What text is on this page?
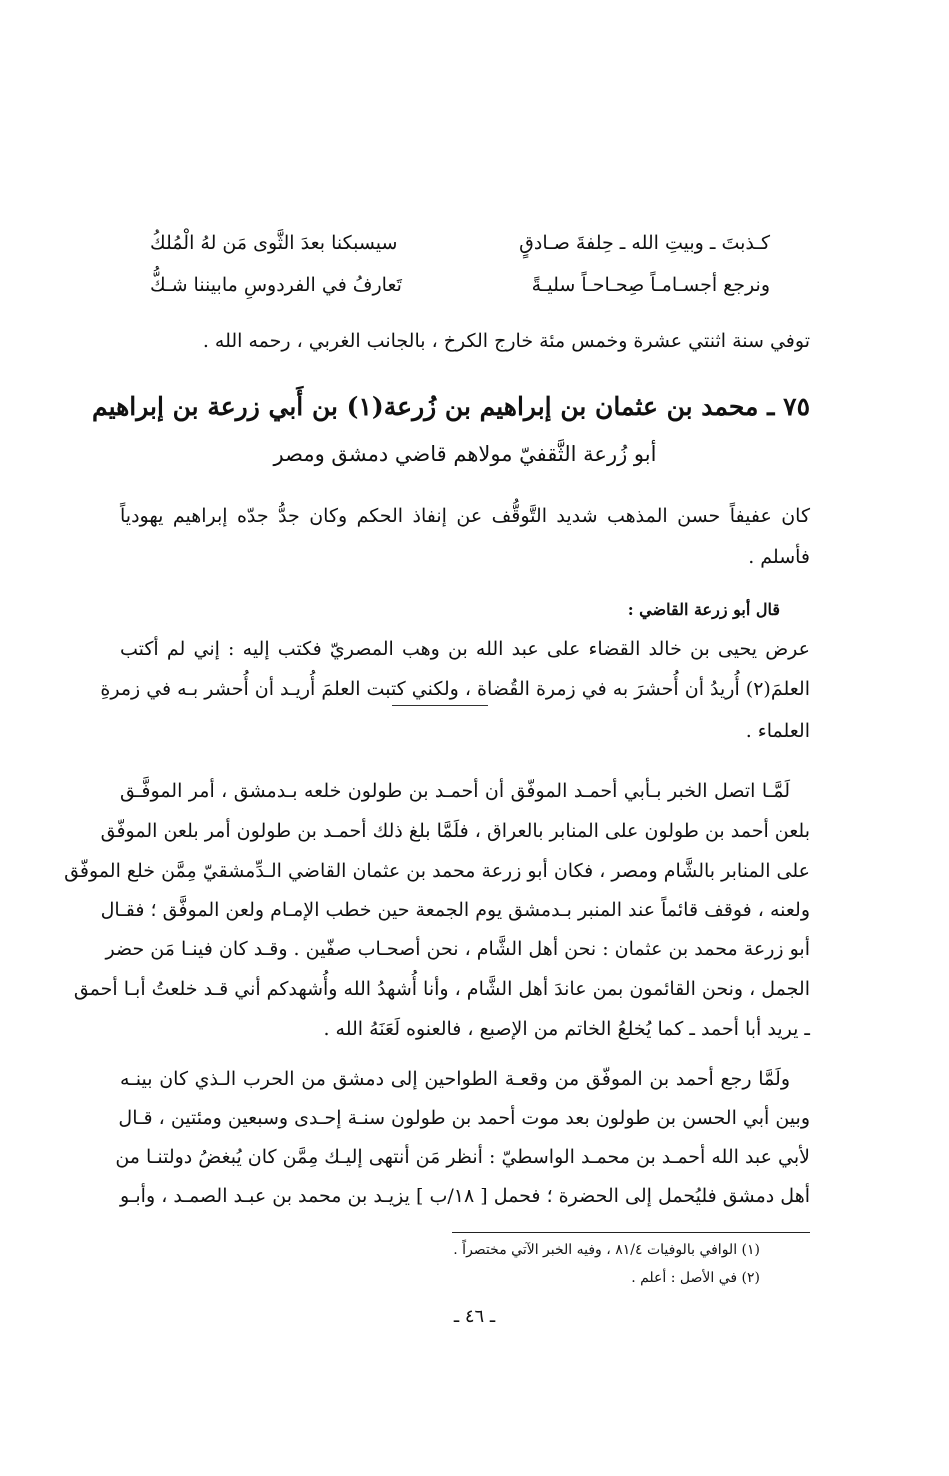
كـذبتَ ـ وبيتِ الله ـ حِلفةَ صـادقٍ
سيسبكنا بعدَ الثَّوى مَن لهُ الْمُلكُ
ونرجع أجسـامـاً صِحـاحـاً سليـةً
تَعارفُ في الفردوسِ مابيننا شـكُّ
توفي سنة اثنتي عشرة وخمس مئة خارج الكرخ ، بالجانب الغربي ، رحمه الله .
٧٥ ـ محمد بن عثمان بن إبراهيم بن زُرعة(١) بن أَبي زرعة بن إبراهيم
أبو زُرعة الثَّقفيّ مولاهم قاضي دمشق ومصر
كان عفيفاً حسن المذهب شديد التَّوقُّف عن إنفاذ الحكم وكان جدُّ جدّه إبراهيم يهودياً
فأسلم .
قال أبو زرعة القاضي :
عرض يحيى بن خالد القضاء على عبد الله بن وهب المصريّ فكتب إليه : إني لم أكتب
العلمَ(٢) أُريدُ أن أُحشرَ به في زمرة القُضاة ، ولكني كتبت العلمَ أُريـد أن أُحشر بـه في زمرةِ
العلماء .
لَمَّـا اتصل الخبر بـأبي أحمـد الموفّق أن أحمـد بن طولون خلعه بـدمشق ، أمر الموفَّـق
بلعن أحمد بن طولون على المنابر بالعراق ، فلَمَّا بلغ ذلك أحمـد بن طولون أمر بلعن الموفّق
على المنابر بالشَّام ومصر ، فكان أبو زرعة محمد بن عثمان القاضي الـدِّمشقيّ مِمَّن خلع الموفّق
ولعنه ، فوقف قائماً عند المنبر بـدمشق يوم الجمعة حين خطب الإمـام ولعن الموفَّق ؛ فقـال
أبو زرعة محمد بن عثمان : نحن أهل الشَّام ، نحن أصحـاب صفّين . وقـد كان فينـا مَن حضر
الجمل ، ونحن القائمون بمن عاندَ أهل الشَّام ، وأنا أُشهدُ الله وأُشهدكم أني قـد خلعتُ أبـا أحمق
ـ يريد أبا أحمد ـ كما يُخلعُ الخاتم من الإصبع ، فالعنوه لَعَنَهُ الله .
ولَمَّا رجع أحمد بن الموفّق من وقعـة الطواحين إلى دمشق من الحرب الـذي كان بينـه
وبين أبي الحسن بن طولون بعد موت أحمد بن طولون سنـة إحـدى وسبعين ومئتين ، قـال
لأبي عبد الله أحمـد بن محمـد الواسطيّ : أنظر مَن أنتهى إليـك مِمَّن كان يُبغضُ دولتنـا من
أهل دمشق فليُحمل إلى الحضرة ؛ فحمل [ ١٨/ب ] يزيـد بن محمد بن عبـد الصمـد ، وأبـو
(١) الوافي بالوفيات ٨١/٤ ، وفيه الخبر الآتي مختصراً .
(٢) في الأصل : أعلم .
ـ ٤٦ ـ
